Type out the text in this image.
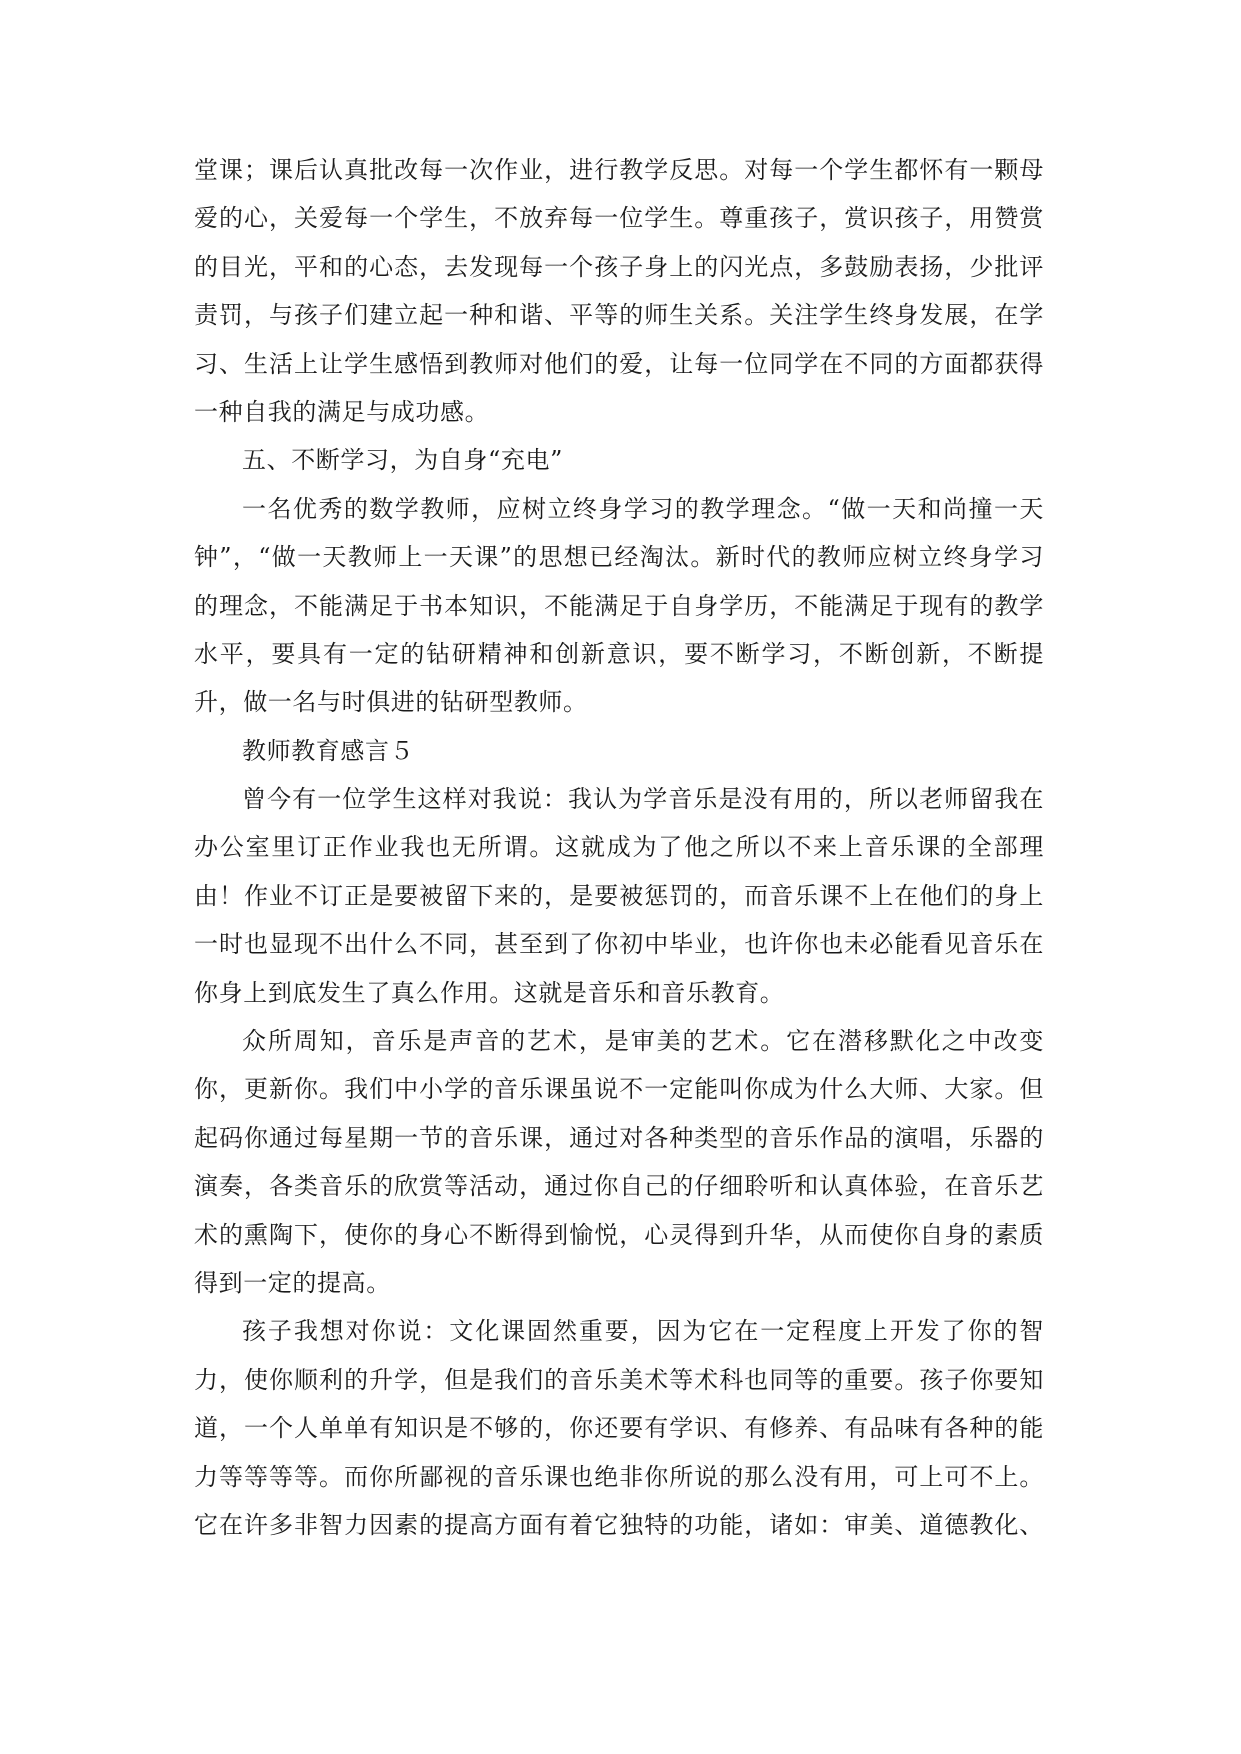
堂课；课后认真批改每一次作业，进行教学反思。对每一个学生都怀有一颗母
爱的心，关爱每一个学生，不放弃每一位学生。尊重孩子，赏识孩子，用赞赏
的目光，平和的心态，去发现每一个孩子身上的闪光点，多鼓励表扬，少批评
责罚，与孩子们建立起一种和谐、平等的师生关系。关注学生终身发展，在学
习、生活上让学生感悟到教师对他们的爱，让每一位同学在不同的方面都获得
一种自我的满足与成功感。
五、不断学习，为自身“充电”
一名优秀的数学教师，应树立终身学习的教学理念。“做一天和尚撞一天
钟”，“做一天教师上一天课”的思想已经淘汰。新时代的教师应树立终身学习
的理念，不能满足于书本知识，不能满足于自身学历，不能满足于现有的教学
水平，要具有一定的钻研精神和创新意识，要不断学习，不断创新，不断提
升，做一名与时俱进的钻研型教师。
教师教育感言５
曾今有一位学生这样对我说：我认为学音乐是没有用的，所以老师留我在
办公室里订正作业我也无所谓。这就成为了他之所以不来上音乐课的全部理
由！作业不订正是要被留下来的，是要被惩罚的，而音乐课不上在他们的身上
一时也显现不出什么不同，甚至到了你初中毕业，也许你也未必能看见音乐在
你身上到底发生了真么作用。这就是音乐和音乐教育。
众所周知，音乐是声音的艺术，是审美的艺术。它在潜移默化之中改变
你，更新你。我们中小学的音乐课虽说不一定能叫你成为什么大师、大家。但
起码你通过每星期一节的音乐课，通过对各种类型的音乐作品的演唱，乐器的
演奏，各类音乐的欣赏等活动，通过你自己的仔细聆听和认真体验，在音乐艺
术的熏陶下，使你的身心不断得到愉悦，心灵得到升华，从而使你自身的素质
得到一定的提高。
孩子我想对你说：文化课固然重要，因为它在一定程度上开发了你的智
力，使你顺利的升学，但是我们的音乐美术等术科也同等的重要。孩子你要知
道，一个人单单有知识是不够的，你还要有学识、有修养、有品味有各种的能
力等等等等。而你所鄙视的音乐课也绝非你所说的那么没有用，可上可不上。
它在许多非智力因素的提高方面有着它独特的功能，诸如：审美、道德教化、
